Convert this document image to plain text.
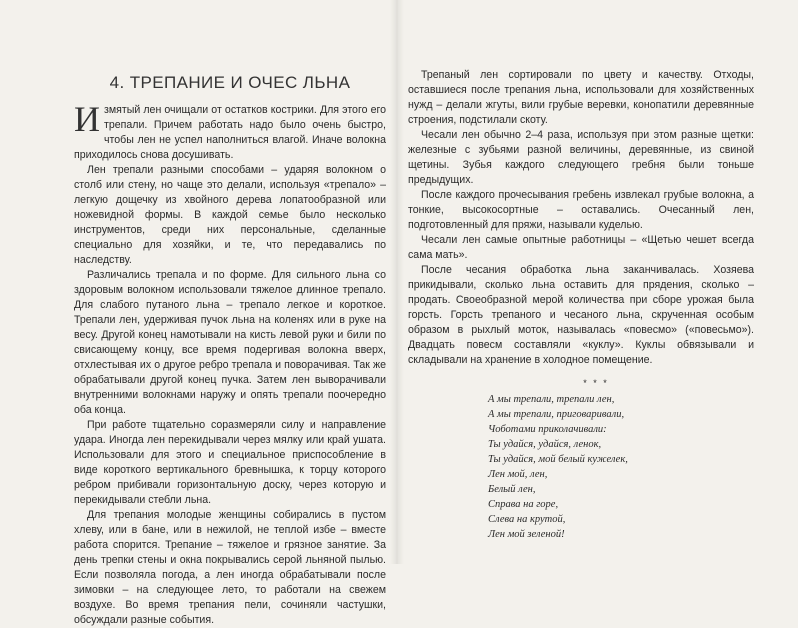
4. ТРЕПАНИЕ И ОЧЕС ЛЬНА

Измятый лен очищали от остатков кострики. Для этого его трепали. Причем работать надо было очень быстро, чтобы лен не успел наполниться влагой. Иначе волокна приходилось снова досушивать.

Лен трепали разными способами – ударяя волокном о столб или стену, но чаще это делали, используя «трепало» – легкую дощечку из хвойного дерева лопатообразной или ножевидной формы. В каждой семье было несколько инструментов, среди них персональные, сделанные специально для хозяйки, и те, что передавались по наследству.

Различались трепала и по форме. Для сильного льна со здоровым волокном использовали тяжелое длинное трепало. Для слабого путаного льна – трепало легкое и короткое. Трепали лен, удерживая пучок льна на коленях или в руке на весу. Другой конец намотывали на кисть левой руки и били по свисающему концу, все время подергивая волокна вверх, отхлестывая их о другое ребро трепала и поворачивая. Так же обрабатывали другой конец пучка. Затем лен выворачивали внутренними волокнами наружу и опять трепали поочередно оба конца.

При работе тщательно соразмеряли силу и направление удара. Иногда лен перекидывали через мялку или край ушата. Использовали для этого и специальное приспособление в виде короткого вертикального бревнышка, к торцу которого ребром прибивали горизонтальную доску, через которую и перекидывали стебли льна.

Для трепания молодые женщины собирались в пустом хлеву, или в бане, или в нежилой, не теплой избе – вместе работа спорится. Трепание – тяжелое и грязное занятие. За день трепки стены и окна покрывались серой льняной пылью. Если позволяла погода, а лен иногда обрабатывали после зимовки – на следующее лето, то работали на свежем воздухе. Во время трепания пели, сочиняли частушки, обсуждали разные события.

Трепаный лен сортировали по цвету и качеству. Отходы, оставшиеся после трепания льна, использовали для хозяйственных нужд – делали жгуты, вили грубые веревки, конопатили деревянные строения, подстилали скоту.

Чесали лен обычно 2–4 раза, используя при этом разные щетки: железные с зубьями разной величины, деревянные, из свиной щетины. Зубья каждого следующего гребня были тоньше предыдущих.

После каждого прочесывания гребень извлекал грубые волокна, а тонкие, высокосортные – оставались. Очесанный лен, подготовленный для пряжи, называли куделью.

Чесали лен самые опытные работницы – «Щетью чешет всегда сама мать».

После чесания обработка льна заканчивалась. Хозяева прикидывали, сколько льна оставить для прядения, сколько – продать. Своеобразной мерой количества при сборе урожая была горсть. Горсть трепаного и чесаного льна, скрученная особым образом в рыхлый моток, называлась «повесмо» («повесьмо»). Двадцать повесм составляли «куклу». Куклы обвязывали и складывали на хранение в холодное помещение.

* * *
А мы трепали, трепали лен,
А мы трепали, приговаривали,
Чоботами приколачивали:
Ты удайся, удайся, ленок,
Ты удайся, мой белый кужелек,
Лен мой, лен,
Белый лен,
Справа на горе,
Слева на крутой,
Лен мой зеленой!
